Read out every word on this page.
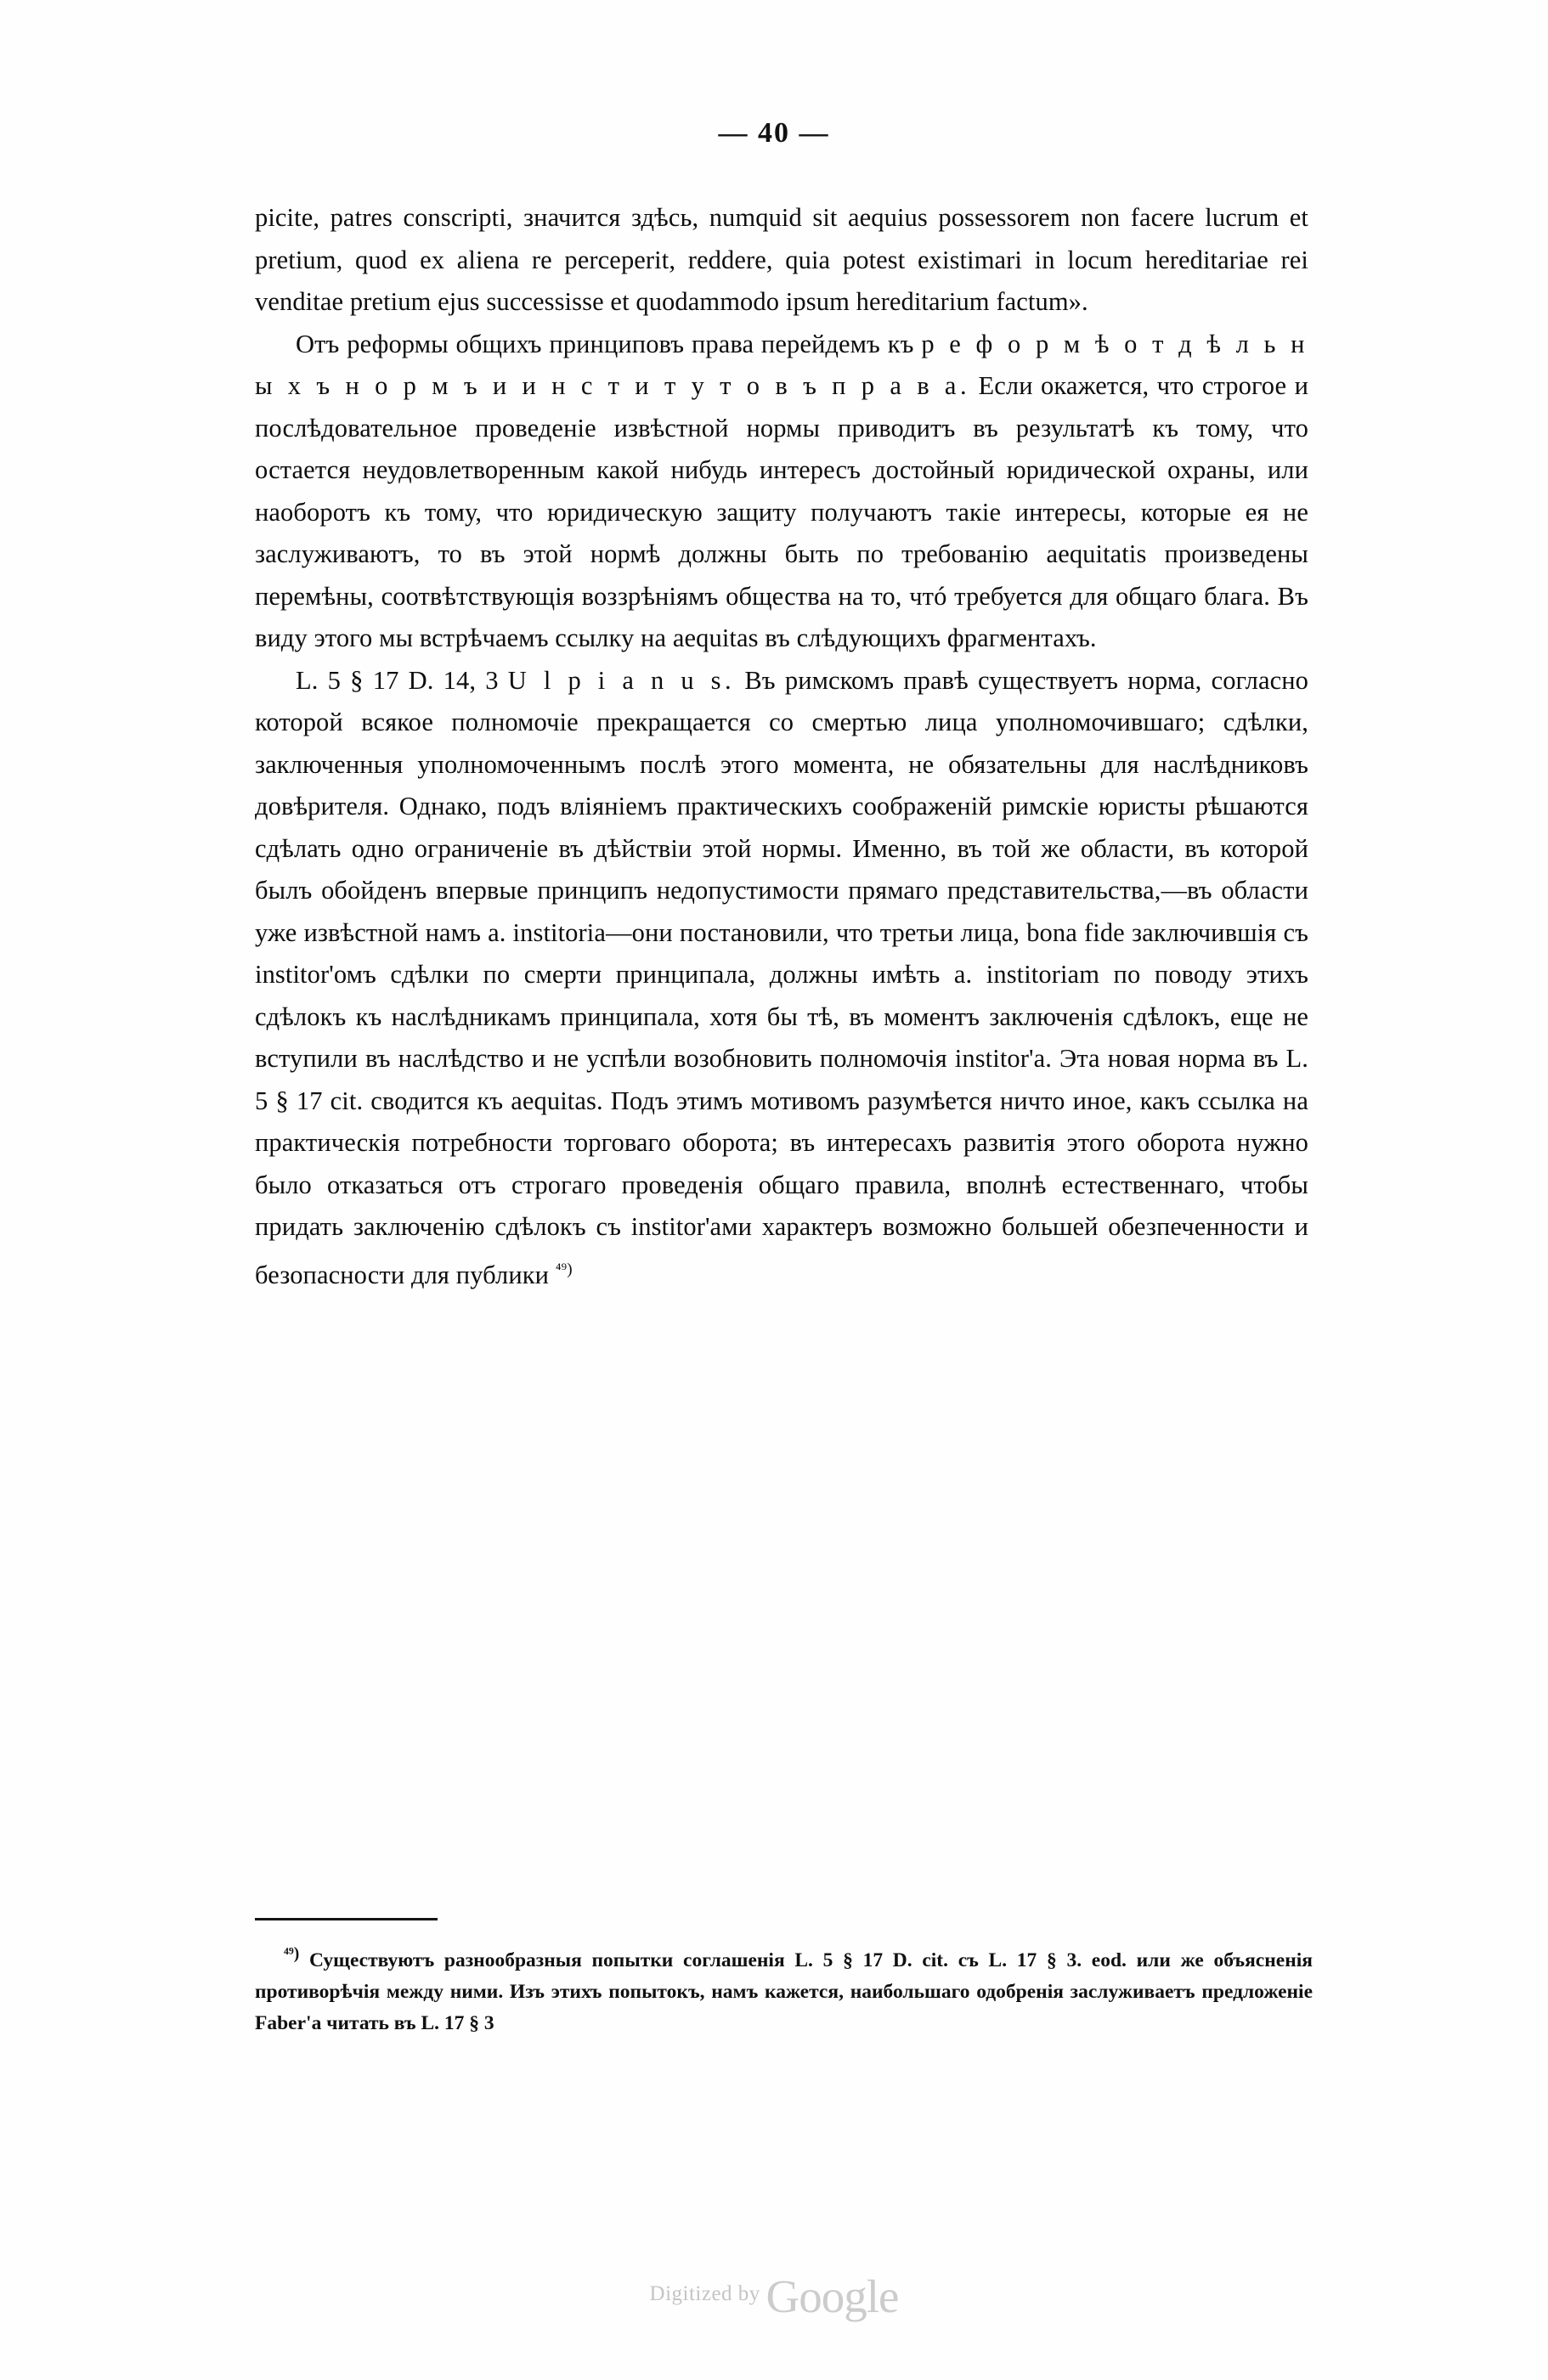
— 40 —

picite, patres conscripti, значится здѣсь, numquid sit aequius possessorem non facere lucrum et pretium, quod ex aliena re perceperit, reddere, quia potest existimari in locum hereditariae rei venditae pretium ejus successisse et quodammodo ipsum hereditarium factum».

Отъ реформы общихъ принциповъ права перейдемъ къ р е ф о р м ѣ о т д ѣ л ь н ы х ъ н о р м ъ и и н с т и т у т о в ъ п р а в а. Если окажется, что строгое и послѣдовательное проведеніе извѣстной нормы приводитъ въ результатѣ къ тому, что остается неудовлетворенным какой нибудь интересъ достойный юридической охраны, или наоборотъ къ тому, что юридическую защиту получаютъ такіе интересы, которые ея не заслуживаютъ, то въ этой нормѣ должны быть по требованію aequitatis произведены перемѣны, соотвѣтствующія воззрѣніямъ общества на то, чтó требуется для общаго блага. Въ виду этого мы встрѣчаемъ ссылку на aequitas въ слѣдующихъ фрагментахъ.

L. 5 § 17 D. 14, 3 U l p i a n u s. Въ римскомъ правѣ существуетъ норма, согласно которой всякое полномочіе прекращается со смертью лица уполномочившаго; сдѣлки, заключенныя уполномоченнымъ послѣ этого момента, не обязательны для наслѣдниковъ довѣрителя. Однако, подъ вліяніемъ практическихъ соображеній римскіе юристы рѣшаются сдѣлать одно ограниченіе въ дѣйствіи этой нормы. Именно, въ той же области, въ которой былъ обойденъ впервые принципъ недопустимости прямаго представительства,—въ области уже извѣстной намъ a. institoria—они постановили, что третьи лица, bona fide заключившія съ institor'омъ сдѣлки по смерти принципала, должны имѣть a. institoriam по поводу этихъ сдѣлокъ къ наслѣдникамъ принципала, хотя бы тѣ, въ моментъ заключенія сдѣлокъ, еще не вступили въ наслѣдство и не успѣли возобновить полномочія institor'a. Эта новая норма въ L. 5 § 17 cit. сводится къ aequitas. Подъ этимъ мотивомъ разумѣется ничто иное, какъ ссылка на практическія потребности торговаго оборота; въ интересахъ развитія этого оборота нужно было отказаться отъ строгаго проведенія общаго правила, вполнѣ естественнаго, чтобы придать заключенію сдѣлокъ съ institor'ами характеръ возможно большей обезпеченности и безопасности для публики $^{^{49})}$

$^{^{49})}$ Существуютъ разнообразныя попытки соглашенія L. 5 § 17 D. cit. съ L. 17 § 3. eod. или же объясненія противорѣчія между ними. Изъ этихъ попытокъ, намъ кажется, наибольшаго одобренія заслуживаетъ предложеніе Faber'а читать въ L. 17 § 3
Digitized by Google
